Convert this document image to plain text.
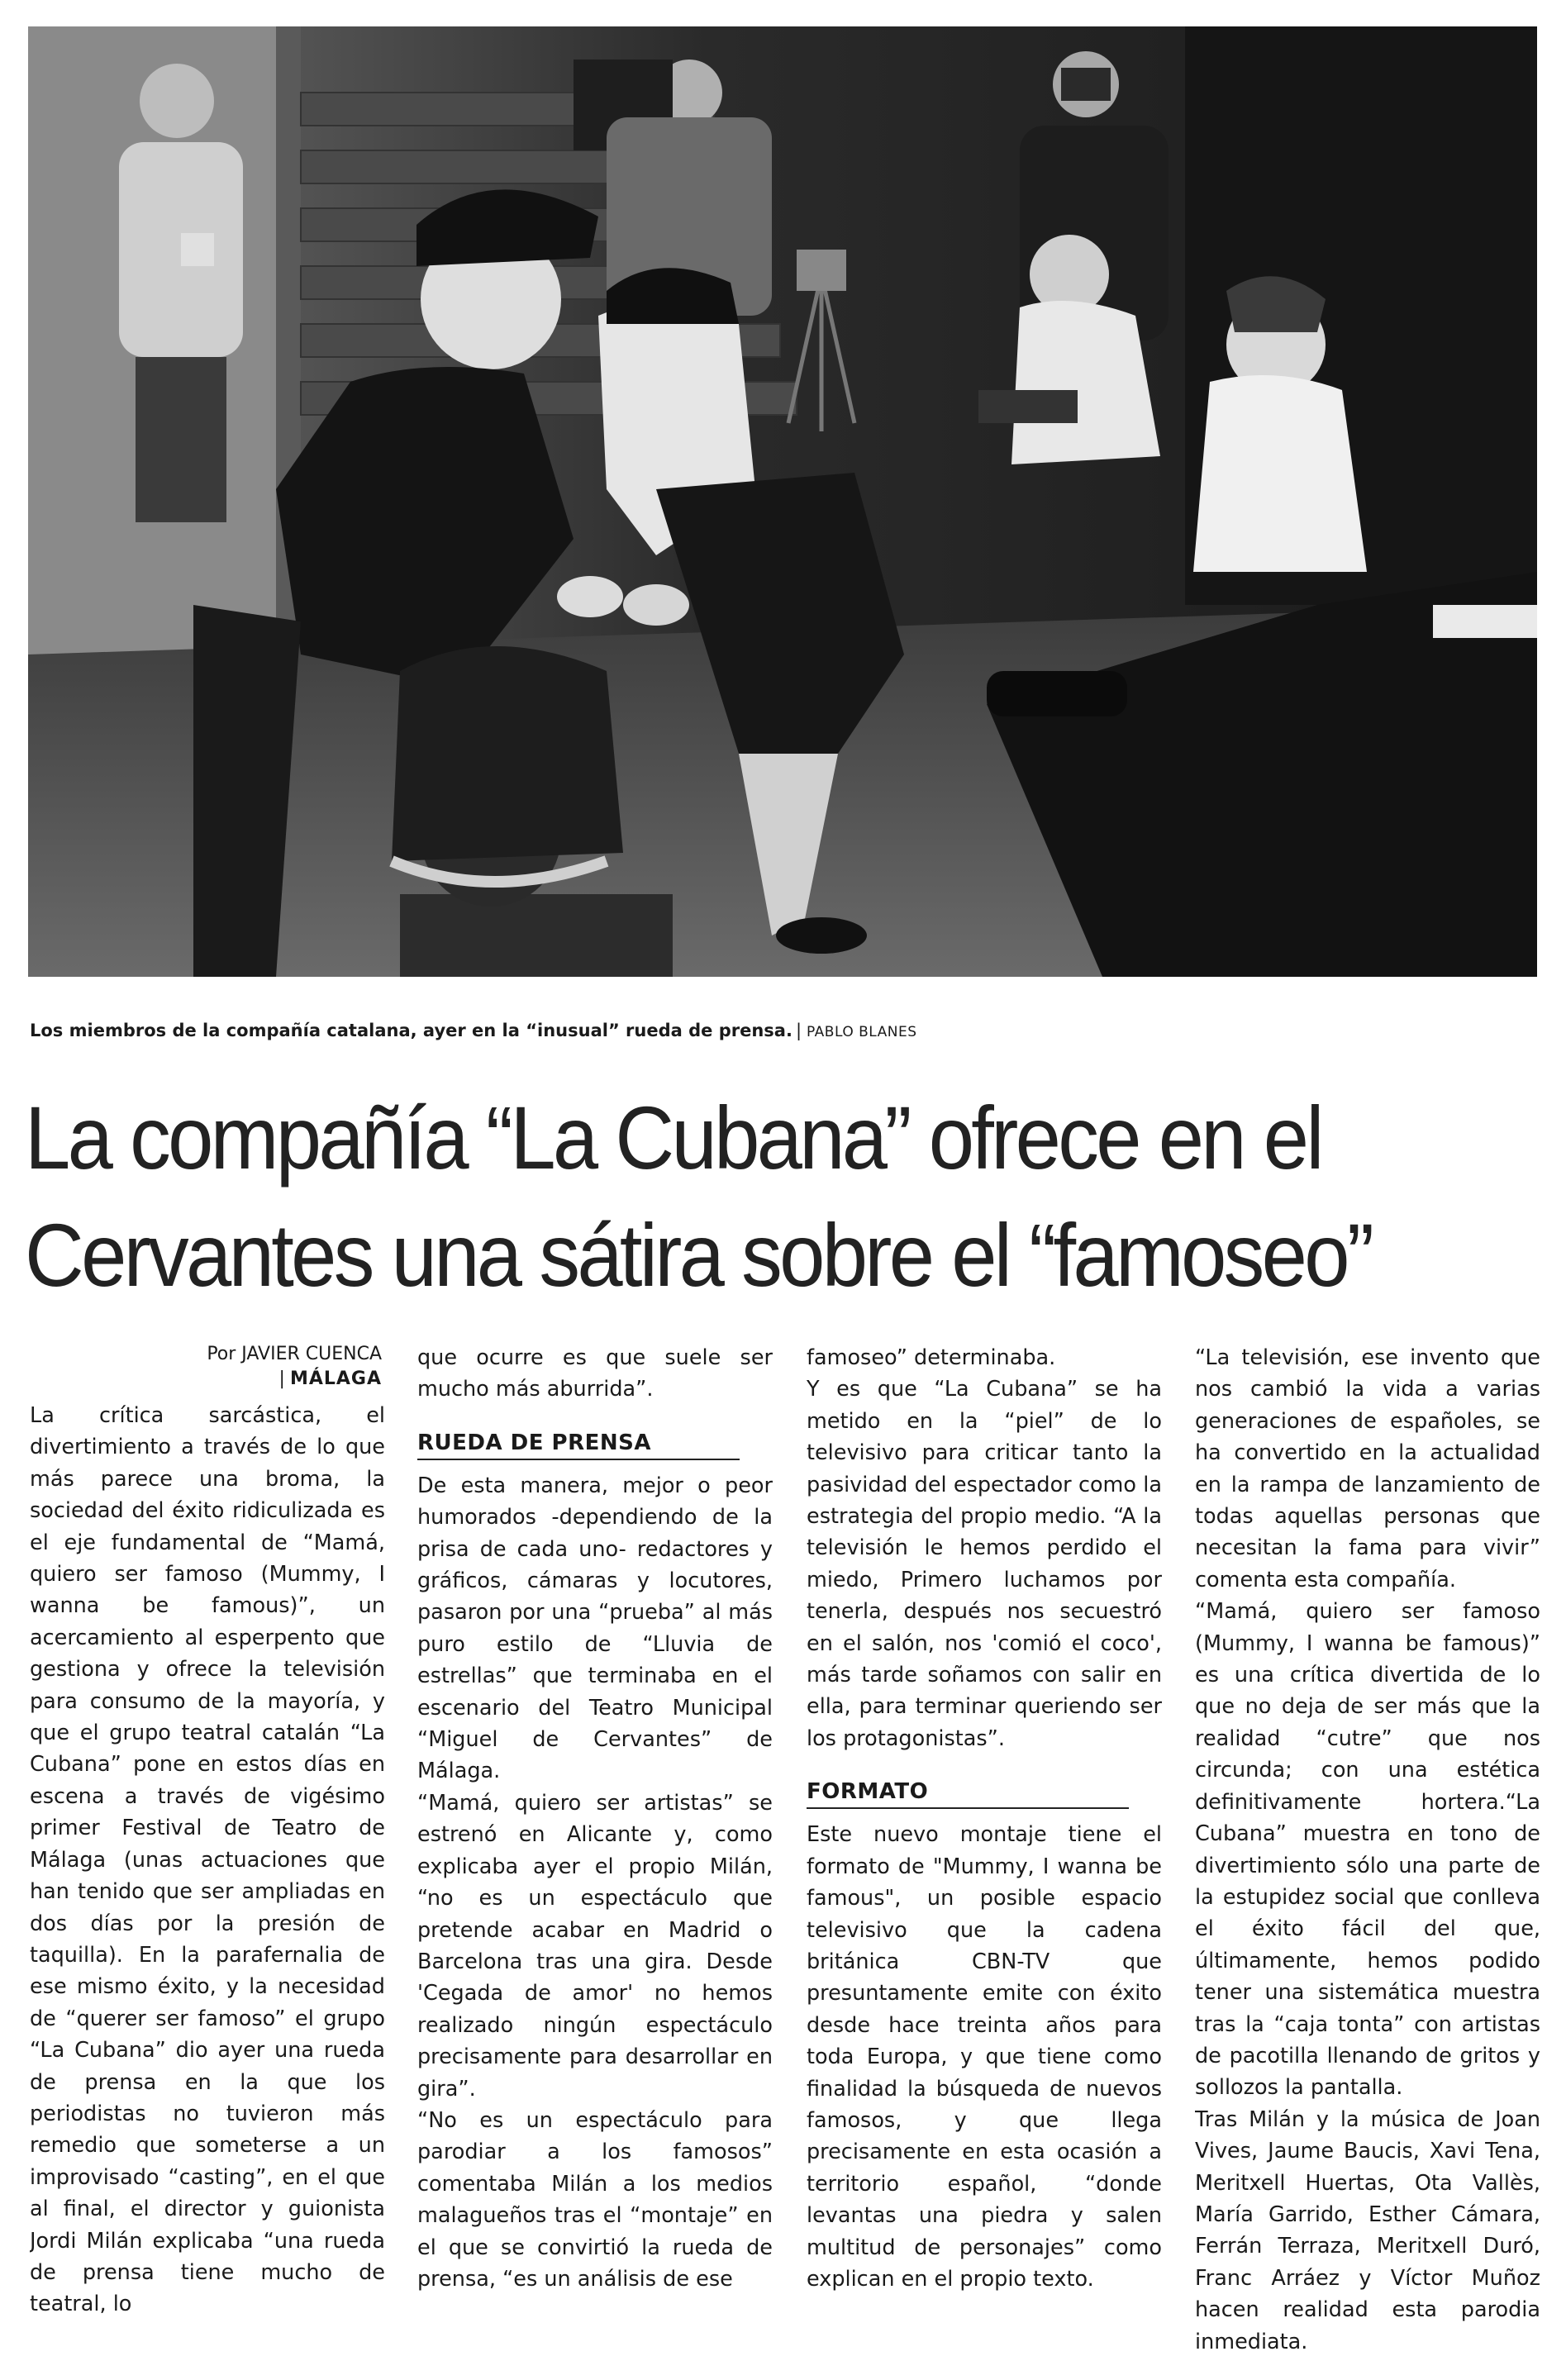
Los miembros de la compañía catalana, ayer en la “inusual” rueda de prensa. | PABLO BLANES
La compañía “La Cubana” ofrece en el
Cervantes una sátira sobre el “famoseo”
Por JAVIER CUENCA
| MÁLAGA

La crítica sarcástica, el divertimiento a través de lo que más parece una broma, la sociedad del éxito ridiculizada es el eje fundamental de “Mamá, quiero ser famoso (Mummy, I wanna be famous)”, un acercamiento al esperpento que gestiona y ofrece la televisión para consumo de la mayoría, y que el grupo teatral catalán “La Cubana” pone en estos días en escena a través de vigésimo primer Festival de Teatro de Málaga (unas actuaciones que han tenido que ser ampliadas en dos días por la presión de taquilla). En la parafernalia de ese mismo éxito, y la necesidad de “querer ser famoso” el grupo “La Cubana” dio ayer una rueda de prensa en la que los periodistas no tuvieron más remedio que someterse a un improvisado “casting”, en el que al final, el director y guionista Jordi Milán explicaba “una rueda de prensa tiene mucho de teatral, lo

que ocurre es que suele ser mucho más aburrida”.

RUEDA DE PRENSA

De esta manera, mejor o peor humorados -dependiendo de la prisa de cada uno- redactores y gráficos, cámaras y locutores, pasaron por una “prueba” al más puro estilo de “Lluvia de estrellas” que terminaba en el escenario del Teatro Municipal “Miguel de Cervantes” de Málaga.

“Mamá, quiero ser artistas” se estrenó en Alicante y, como explicaba ayer el propio Milán, “no es un espectáculo que pretende acabar en Madrid o Barcelona tras una gira. Desde 'Cegada de amor' no hemos realizado ningún espectáculo precisamente para desarrollar en gira”.

“No es un espectáculo para parodiar a los famosos” comentaba Milán a los medios malagueños tras el “montaje” en el que se convirtió la rueda de prensa, “es un análisis de ese

famoseo” determinaba.

Y es que “La Cubana” se ha metido en la “piel” de lo televisivo para criticar tanto la pasividad del espectador como la estrategia del propio medio. “A la televisión le hemos perdido el miedo, Primero luchamos por tenerla, después nos secuestró en el salón, nos 'comió el coco', más tarde soñamos con salir en ella, para terminar queriendo ser los protagonistas”.

FORMATO

Este nuevo montaje tiene el formato de "Mummy, I wanna be famous", un posible espacio televisivo que la cadena británica CBN-TV que presuntamente emite con éxito desde hace treinta años para toda Europa, y que tiene como finalidad la búsqueda de nuevos famosos, y que llega precisamente en esta ocasión a territorio español, “donde levantas una piedra y salen multitud de personajes” como explican en el propio texto.

“La televisión, ese invento que nos cambió la vida a varias generaciones de españoles, se ha convertido en la actualidad en la rampa de lanzamiento de todas aquellas personas que necesitan la fama para vivir” comenta esta compañía.

“Mamá, quiero ser famoso (Mummy, I wanna be famous)” es una crítica divertida de lo que no deja de ser más que la realidad “cutre” que nos circunda; con una estética definitivamente hortera.“La Cubana” muestra en tono de divertimiento sólo una parte de la estupidez social que conlleva el éxito fácil del que, últimamente, hemos podido tener una sistemática muestra tras la “caja tonta” con artistas de pacotilla llenando de gritos y sollozos la pantalla.

Tras Milán y la música de Joan Vives, Jaume Baucis, Xavi Tena, Meritxell Huertas, Ota Vallès, María Garrido, Esther Cámara, Ferrán Terraza, Meritxell Duró, Franc Arráez y Víctor Muñoz hacen realidad esta parodia inmediata.
